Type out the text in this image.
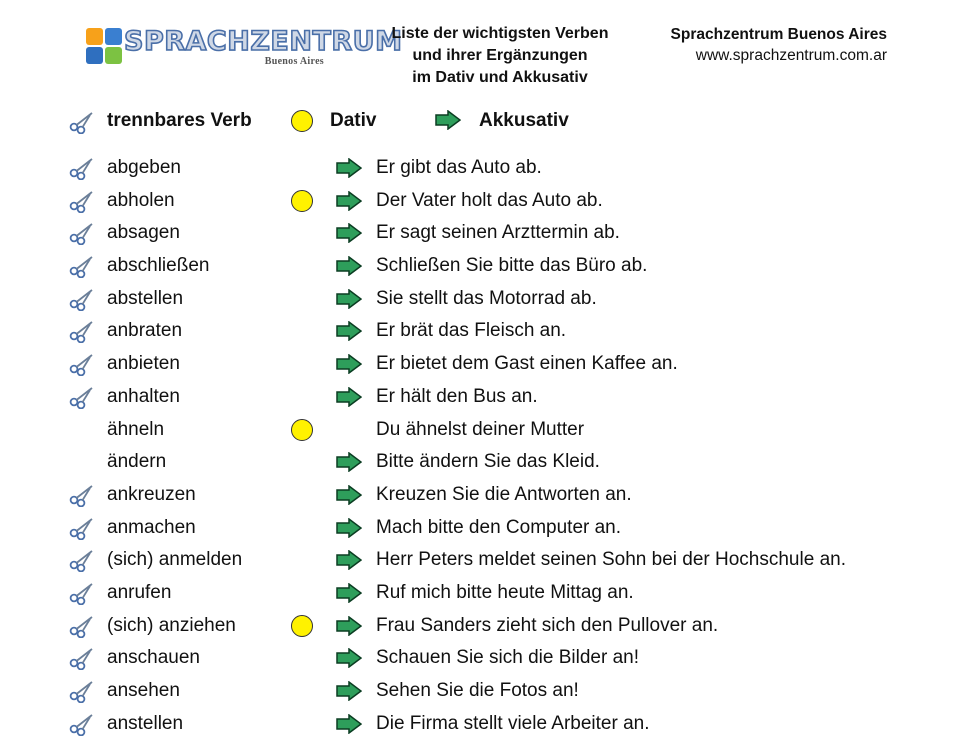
SPRACHZENTRUM
Buenos Aires
Liste der wichtigsten Verben
und ihrer Ergänzungen
im Dativ und Akkusativ
Sprachzentrum Buenos Aires
www.sprachzentrum.com.ar
trennbares Verb	Dativ	Akkusativ
abgeben	Er gibt das Auto ab.
abholen	Der Vater holt das Auto ab.
absagen	Er sagt seinen Arzttermin ab.
abschließen	Schließen Sie bitte das Büro ab.
abstellen	Sie stellt das Motorrad ab.
anbraten	Er brät das Fleisch an.
anbieten	Er bietet dem Gast einen Kaffee an.
anhalten	Er hält den Bus an.
ähneln	Du ähnelst deiner Mutter
ändern	Bitte ändern Sie das Kleid.
ankreuzen	Kreuzen Sie die Antworten an.
anmachen	Mach bitte den Computer an.
(sich) anmelden	Herr Peters meldet seinen Sohn bei der Hochschule an.
anrufen	Ruf mich bitte heute Mittag an.
(sich) anziehen	Frau Sanders zieht sich den Pullover an.
anschauen	Schauen Sie sich die Bilder an!
ansehen	Sehen Sie die Fotos an!
anstellen	Die Firma stellt viele Arbeiter an.
